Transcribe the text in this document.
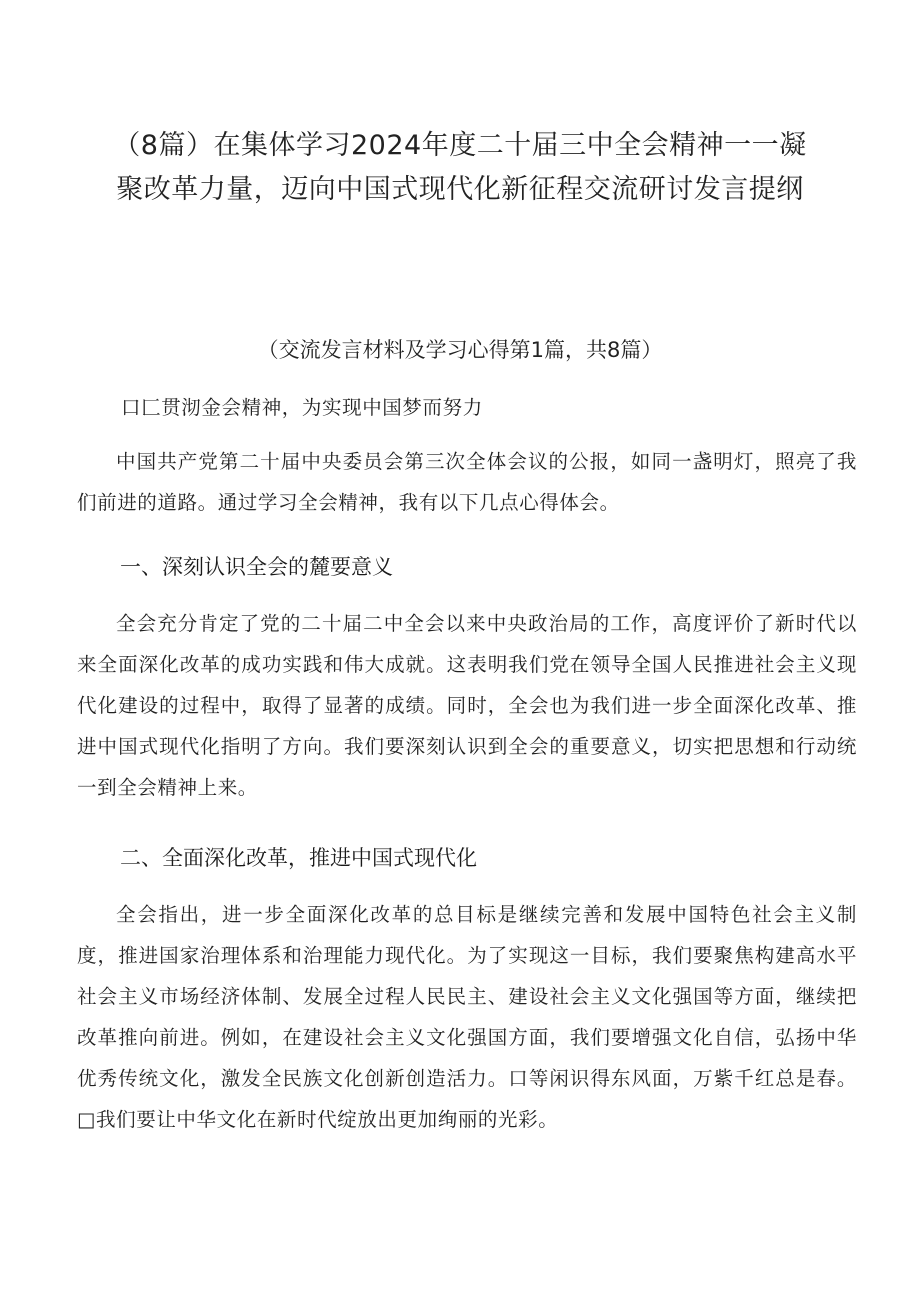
（8篇）在集体学习2024年度二十届三中全会精神一一凝聚改革力量，迈向中国式现代化新征程交流研讨发言提纲
（交流发言材料及学习心得第1篇，共8篇）
口匚贯沏金会精神，为实现中国梦而努力
中国共产党第二十届中央委员会第三次全体会议的公报，如同一盏明灯，照亮了我们前进的道路。通过学习全会精神，我有以下几点心得体会。
一、深刻认识全会的麓要意义
全会充分肯定了党的二十届二中全会以来中央政治局的工作，高度评价了新时代以来全面深化改革的成功实践和伟大成就。这表明我们党在领导全国人民推进社会主义现代化建设的过程中，取得了显著的成绩。同时，全会也为我们进一步全面深化改革、推进中国式现代化指明了方向。我们要深刻认识到全会的重要意义，切实把思想和行动统一到全会精神上来。
二、全面深化改革，推进中国式现代化
全会指出，进一步全面深化改革的总目标是继续完善和发展中国特色社会主义制度，推进国家治理体系和治理能力现代化。为了实现这一目标，我们要聚焦构建高水平社会主义市场经济体制、发展全过程人民民主、建设社会主义文化强国等方面，继续把改革推向前进。例如，在建设社会主义文化强国方面，我们要增强文化自信，弘扬中华优秀传统文化，激发全民族文化创新创造活力。口等闲识得东风面，万紫千红总是春。□我们要让中华文化在新时代绽放出更加绚丽的光彩。
